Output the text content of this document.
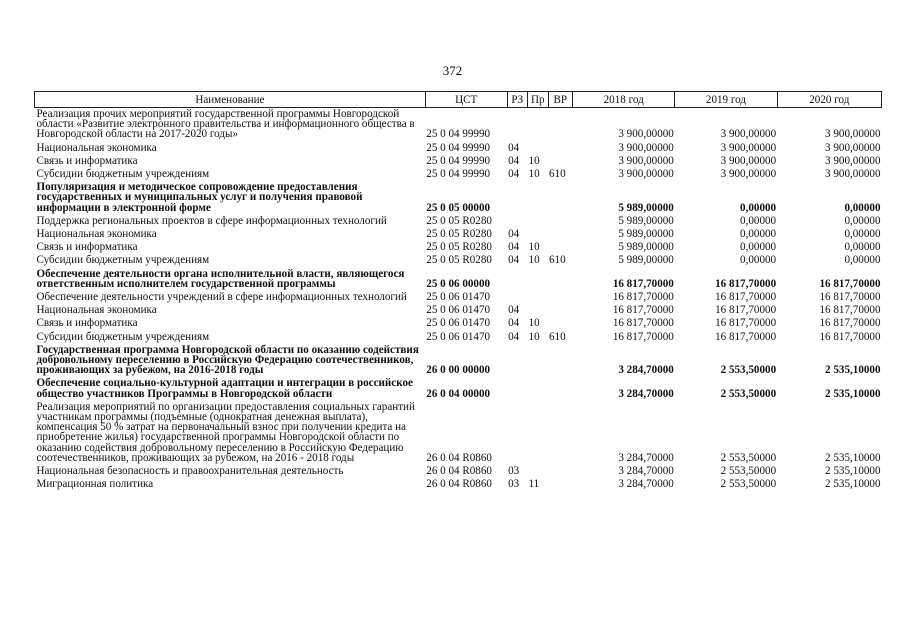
372
Наименование	ЦСТ	РЗ	Пр	ВР	2018 год	2019 год	2020 год
Реализация прочих мероприятий государственной программы Новгородской области «Развитие электронного правительства и информационного общества в Новгородской области на 2017-2020 годы»	25 0 04 99990				3 900,00000	3 900,00000	3 900,00000
Национальная экономика	25 0 04 99990	04			3 900,00000	3 900,00000	3 900,00000
Связь и информатика	25 0 04 99990	04	10		3 900,00000	3 900,00000	3 900,00000
Субсидии бюджетным учреждениям	25 0 04 99990	04	10	610	3 900,00000	3 900,00000	3 900,00000
Популяризация и методическое сопровождение предоставления государственных и муниципальных услуг и получения правовой информации в электронной форме	25 0 05 00000				5 989,00000	0,00000	0,00000
Поддержка региональных проектов в сфере информационных технологий	25 0 05 R0280				5 989,00000	0,00000	0,00000
Национальная экономика	25 0 05 R0280	04			5 989,00000	0,00000	0,00000
Связь и информатика	25 0 05 R0280	04	10		5 989,00000	0,00000	0,00000
Субсидии бюджетным учреждениям	25 0 05 R0280	04	10	610	5 989,00000	0,00000	0,00000
Обеспечение деятельности органа исполнительной власти, являющегося ответственным исполнителем государственной программы	25 0 06 00000				16 817,70000	16 817,70000	16 817,70000
Обеспечение деятельности учреждений в сфере информационных технологий	25 0 06 01470				16 817,70000	16 817,70000	16 817,70000
Национальная экономика	25 0 06 01470	04			16 817,70000	16 817,70000	16 817,70000
Связь и информатика	25 0 06 01470	04	10		16 817,70000	16 817,70000	16 817,70000
Субсидии бюджетным учреждениям	25 0 06 01470	04	10	610	16 817,70000	16 817,70000	16 817,70000
Государственная программа Новгородской области по оказанию содействия добровольному переселению в Российскую Федерацию соотечественников, проживающих за рубежом, на 2016-2018 годы	26 0 00 00000				3 284,70000	2 553,50000	2 535,10000
Обеспечение социально-культурной адаптации и интеграции в российское общество участников Программы в Новгородской области	26 0 04 00000				3 284,70000	2 553,50000	2 535,10000
Реализация мероприятий по организации предоставления социальных гарантий участникам программы (подъемные (однократная денежная выплата), компенсация 50 % затрат на первоначальный взнос при получении кредита на приобретение жилья) государственной программы Новгородской области по оказанию содействия добровольному переселению в Российскую Федерацию соотечественников, проживающих за рубежом, на 2016 - 2018 годы	26 0 04 R0860				3 284,70000	2 553,50000	2 535,10000
Национальная безопасность и правоохранительная деятельность	26 0 04 R0860	03			3 284,70000	2 553,50000	2 535,10000
Миграционная политика	26 0 04 R0860	03	11		3 284,70000	2 553,50000	2 535,10000
